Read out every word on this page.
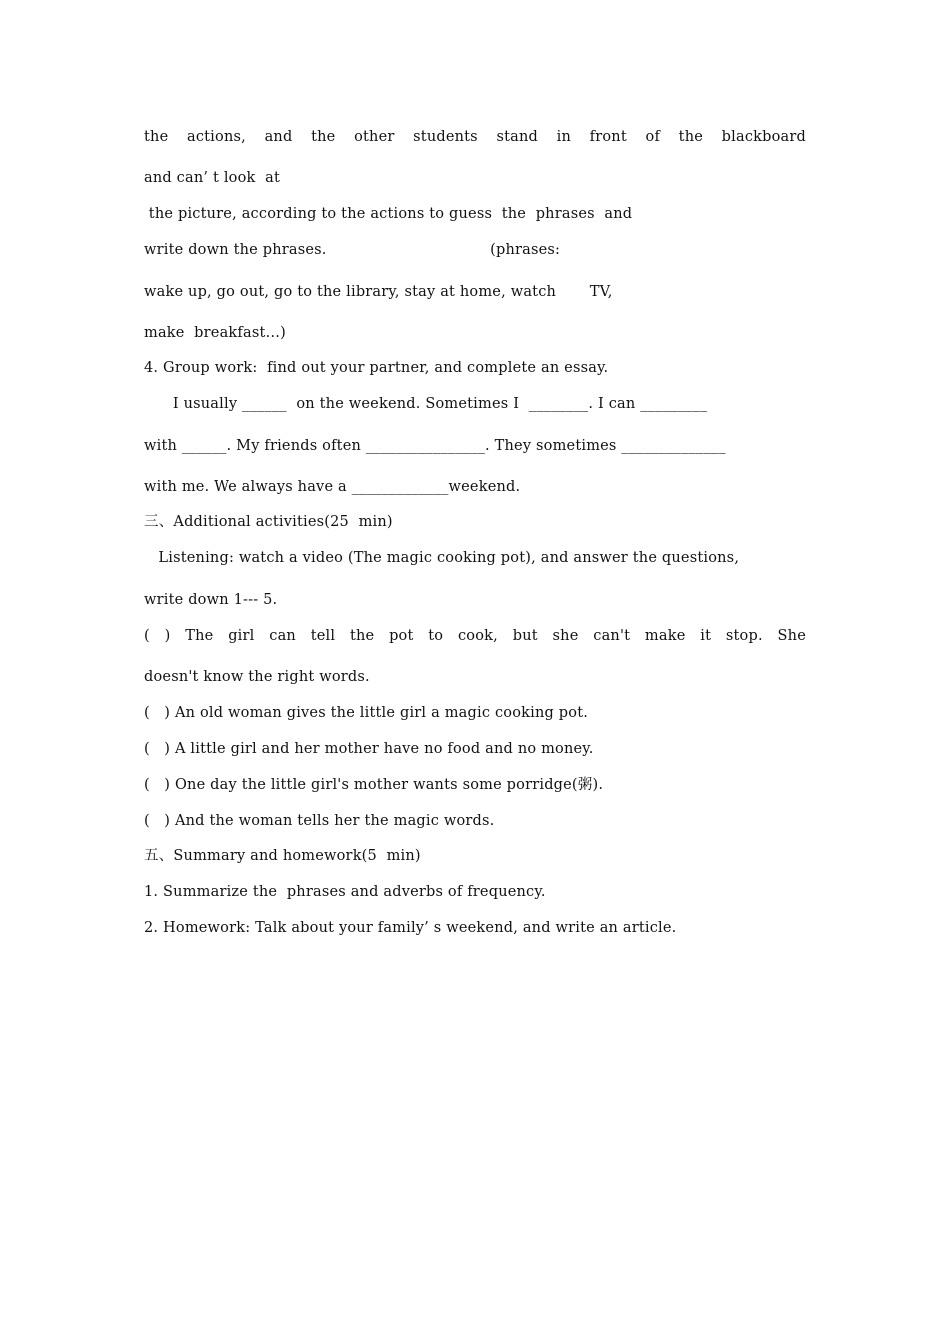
the actions, and the other students stand in front of the blackboard
and can’ t look  at
the picture, according to the actions to guess  the  phrases  and
write down the phrases.                                  (phrases:
wake up, go out, go to the library, stay at home, watch       TV,
make  breakfast…)
4. Group work:  find out your partner, and complete an essay.
I usually ______  on the weekend. Sometimes I  ________. I can _________
with ______. My friends often ________________. They sometimes ______________
with me. We always have a _____________weekend.
三、Additional activities(25  min)
Listening: watch a video (The magic cooking pot), and answer the questions,
write down 1--- 5.
( ) The girl can tell the pot to cook, but she can't make it stop. She
doesn't know the right words.
(   ) An old woman gives the little girl a magic cooking pot.
(   ) A little girl and her mother have no food and no money.
(   ) One day the little girl's mother wants some porridge(粥).
(   ) And the woman tells her the magic words.
五、Summary and homework(5  min)
1. Summarize the  phrases and adverbs of frequency.
2. Homework: Talk about your family’ s weekend, and write an article.
